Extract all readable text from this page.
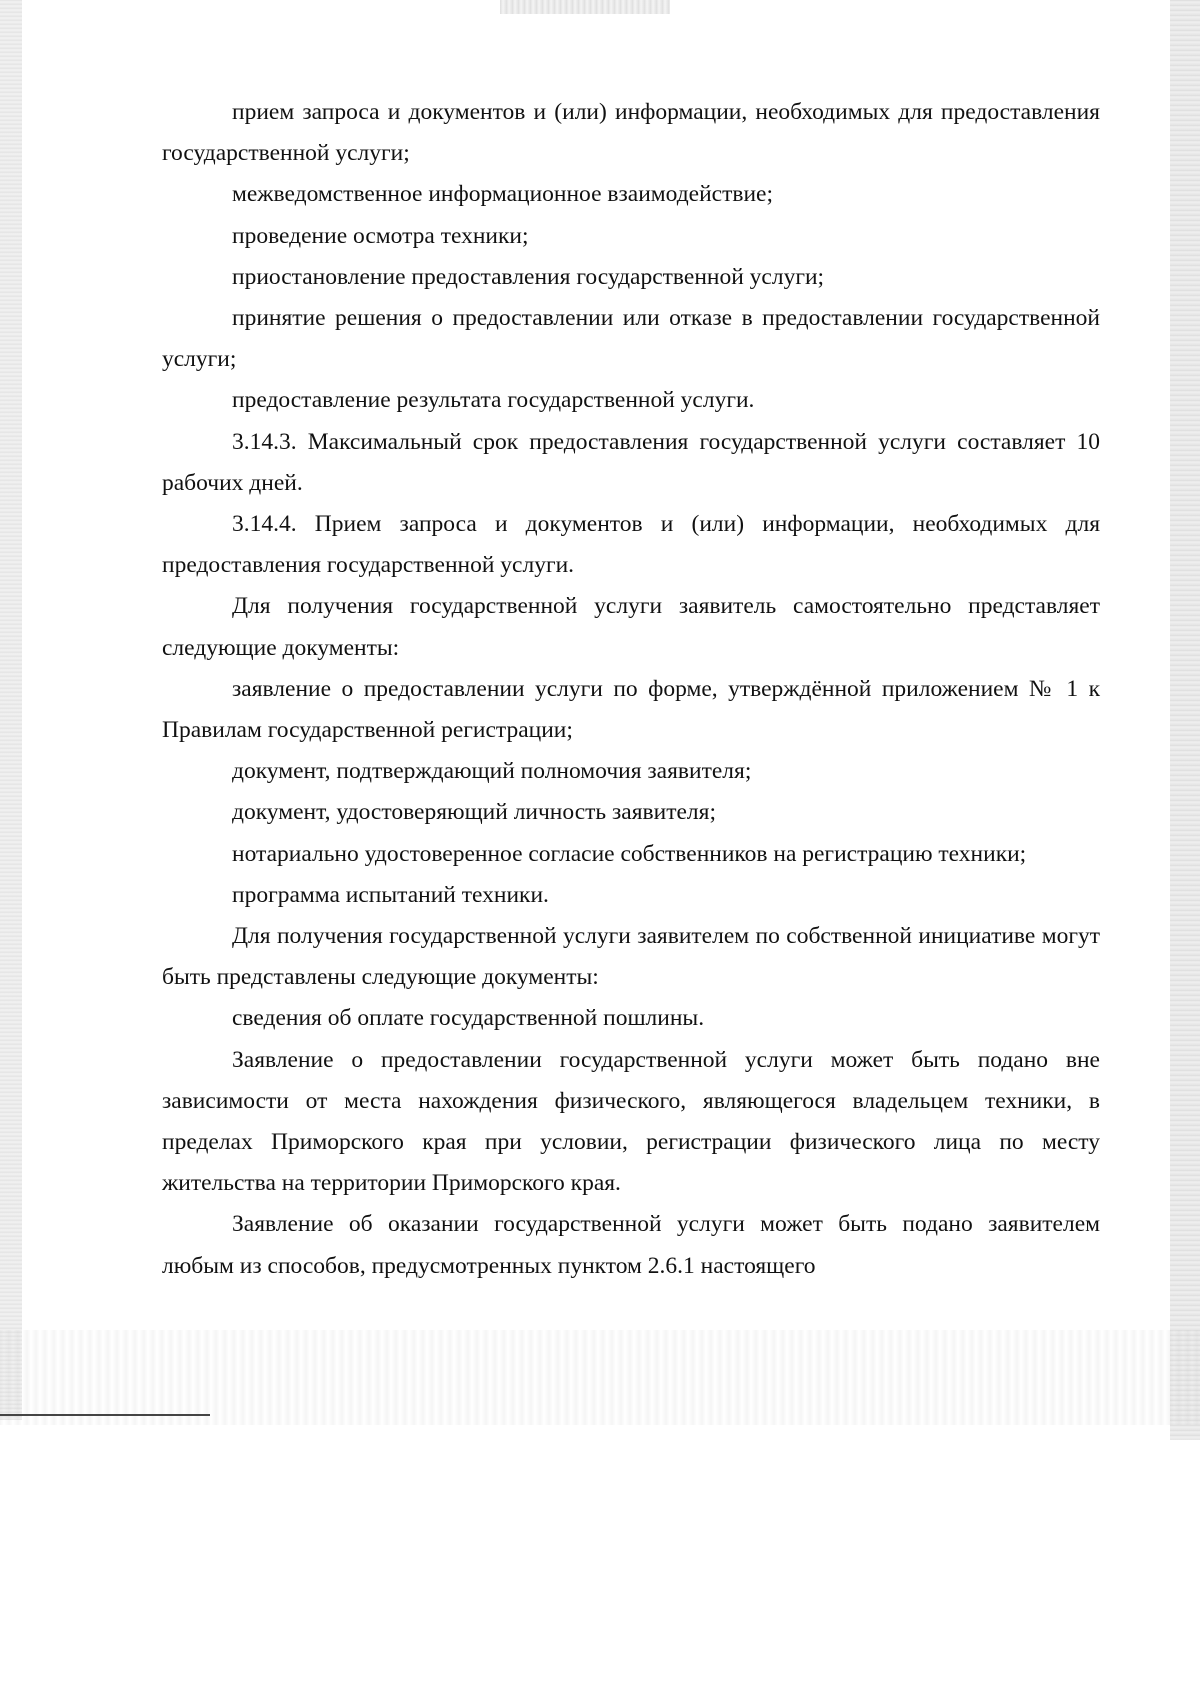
прием запроса и документов и (или) информации, необходимых для предоставления государственной услуги;

межведомственное информационное взаимодействие;

проведение осмотра техники;

приостановление предоставления государственной услуги;

принятие решения о предоставлении или отказе в предоставлении государственной услуги;

предоставление результата государственной услуги.

3.14.3. Максимальный срок предоставления государственной услуги составляет 10 рабочих дней.

3.14.4. Прием запроса и документов и (или) информации, необходимых для предоставления государственной услуги.

Для получения государственной услуги заявитель самостоятельно представляет следующие документы:

заявление о предоставлении услуги по форме, утверждённой приложением № 1 к Правилам государственной регистрации;

документ, подтверждающий полномочия заявителя;

документ, удостоверяющий личность заявителя;

нотариально удостоверенное согласие собственников на регистрацию техники;

программа испытаний техники.

Для получения государственной услуги заявителем по собственной инициативе могут быть представлены следующие документы:

сведения об оплате государственной пошлины.

Заявление о предоставлении государственной услуги может быть подано вне зависимости от места нахождения физического, являющегося владельцем техники, в пределах Приморского края при условии, регистрации физического лица по месту жительства на территории Приморского края.

Заявление об оказании государственной услуги может быть подано заявителем любым из способов, предусмотренных пунктом 2.6.1 настоящего
